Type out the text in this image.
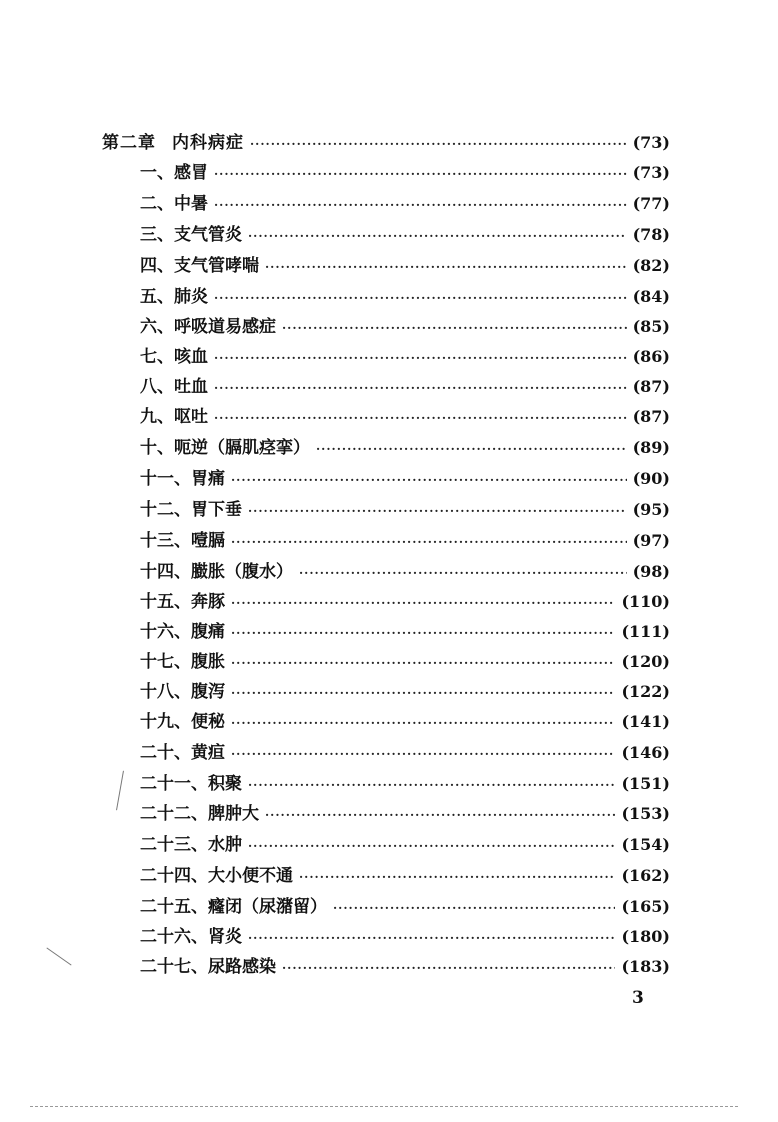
第二章 内科病症 ·····	(73)
一、感冒 ·····	(73)
二、中暑 ·····	(77)
三、支气管炎 ·····	(78)
四、支气管哮喘 ·····	(82)
五、肺炎 ·····	(84)
六、呼吸道易感症 ·····	(85)
七、咳血 ·····	(86)
八、吐血 ·····	(87)
九、呕吐 ·····	(87)
十、呃逆（膈肌痉挛） ·····	(89)
十一、胃痛 ·····	(90)
十二、胃下垂 ·····	(95)
十三、噎膈 ·····	(97)
十四、臌胀（腹水） ·····	(98)
十五、奔豚 ·····	(110)
十六、腹痛 ·····	(111)
十七、腹胀 ·····	(120)
十八、腹泻 ·····	(122)
十九、便秘 ·····	(141)
二十、黄疸 ·····	(146)
二十一、积聚 ·····	(151)
二十二、脾肿大 ·····	(153)
二十三、水肿 ·····	(154)
二十四、大小便不通 ·····	(162)
二十五、癃闭（尿潴留） ·····	(165)
二十六、肾炎 ·····	(180)
二十七、尿路感染 ·····	(183)
3
